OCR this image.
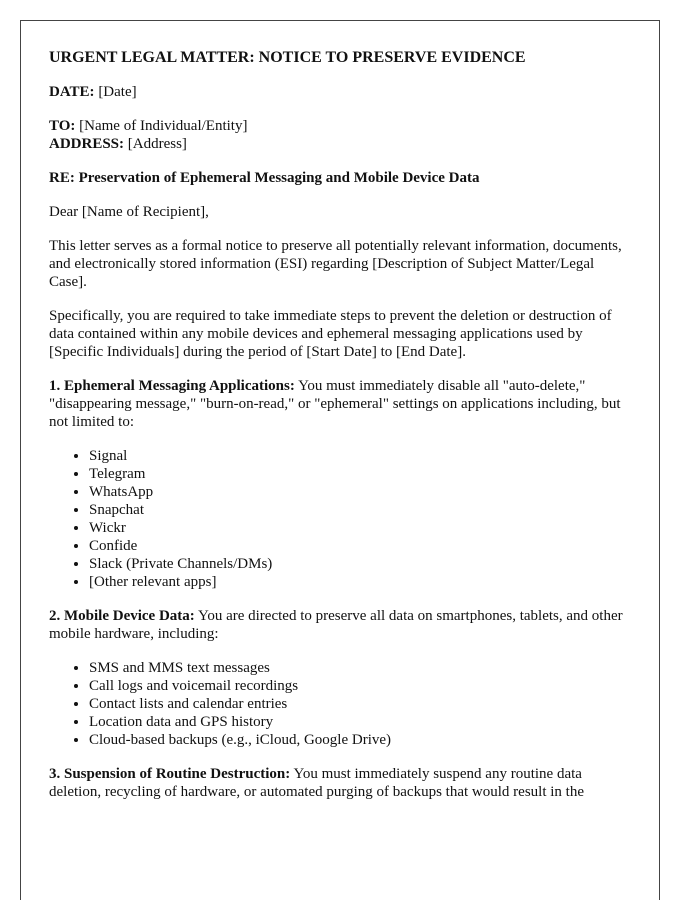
URGENT LEGAL MATTER: NOTICE TO PRESERVE EVIDENCE

DATE: [Date]

TO: [Name of Individual/Entity]
ADDRESS: [Address]

RE: Preservation of Ephemeral Messaging and Mobile Device Data

Dear [Name of Recipient],

This letter serves as a formal notice to preserve all potentially relevant information, documents, and electronically stored information (ESI) regarding [Description of Subject Matter/Legal Case].

Specifically, you are required to take immediate steps to prevent the deletion or destruction of data contained within any mobile devices and ephemeral messaging applications used by [Specific Individuals] during the period of [Start Date] to [End Date].

1. Ephemeral Messaging Applications: You must immediately disable all "auto-delete," "disappearing message," "burn-on-read," or "ephemeral" settings on applications including, but not limited to:

• Signal
• Telegram
• WhatsApp
• Snapchat
• Wickr
• Confide
• Slack (Private Channels/DMs)
• [Other relevant apps]

2. Mobile Device Data: You are directed to preserve all data on smartphones, tablets, and other mobile hardware, including:

• SMS and MMS text messages
• Call logs and voicemail recordings
• Contact lists and calendar entries
• Location data and GPS history
• Cloud-based backups (e.g., iCloud, Google Drive)

3. Suspension of Routine Destruction: You must immediately suspend any routine data deletion, recycling of hardware, or automated purging of backups that would result in the
